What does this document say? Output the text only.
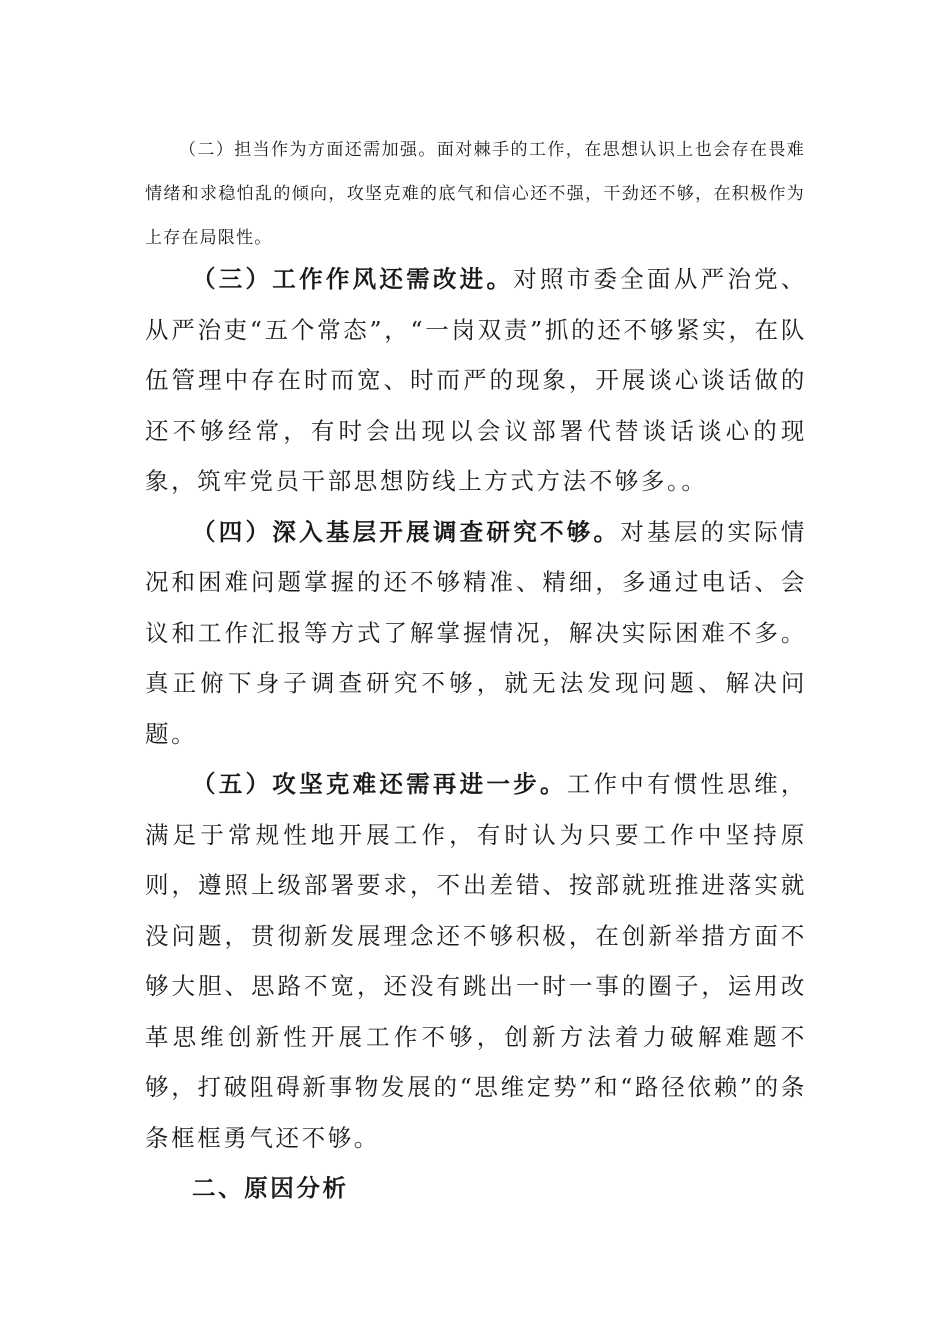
（二）担当作为方面还需加强。面对棘手的工作，在思想认识上也会存在畏难情绪和求稳怕乱的倾向，攻坚克难的底气和信心还不强，干劲还不够，在积极作为上存在局限性。

（三）工作作风还需改进。对照市委全面从严治党、从严治吏“五个常态”，“一岗双责”抓的还不够紧实，在队伍管理中存在时而宽、时而严的现象，开展谈心谈话做的还不够经常，有时会出现以会议部署代替谈话谈心的现象，筑牢党员干部思想防线上方式方法不够多。。

（四）深入基层开展调查研究不够。对基层的实际情况和困难问题掌握的还不够精准、精细，多通过电话、会议和工作汇报等方式了解掌握情况，解决实际困难不多。真正俯下身子调查研究不够，就无法发现问题、解决问题。

（五）攻坚克难还需再进一步。工作中有惯性思维，满足于常规性地开展工作，有时认为只要工作中坚持原则，遵照上级部署要求，不出差错、按部就班推进落实就没问题，贯彻新发展理念还不够积极，在创新举措方面不够大胆、思路不宽，还没有跳出一时一事的圈子，运用改革思维创新性开展工作不够，创新方法着力破解难题不够，打破阻碍新事物发展的“思维定势”和“路径依赖”的条条框框勇气还不够。

二、原因分析
